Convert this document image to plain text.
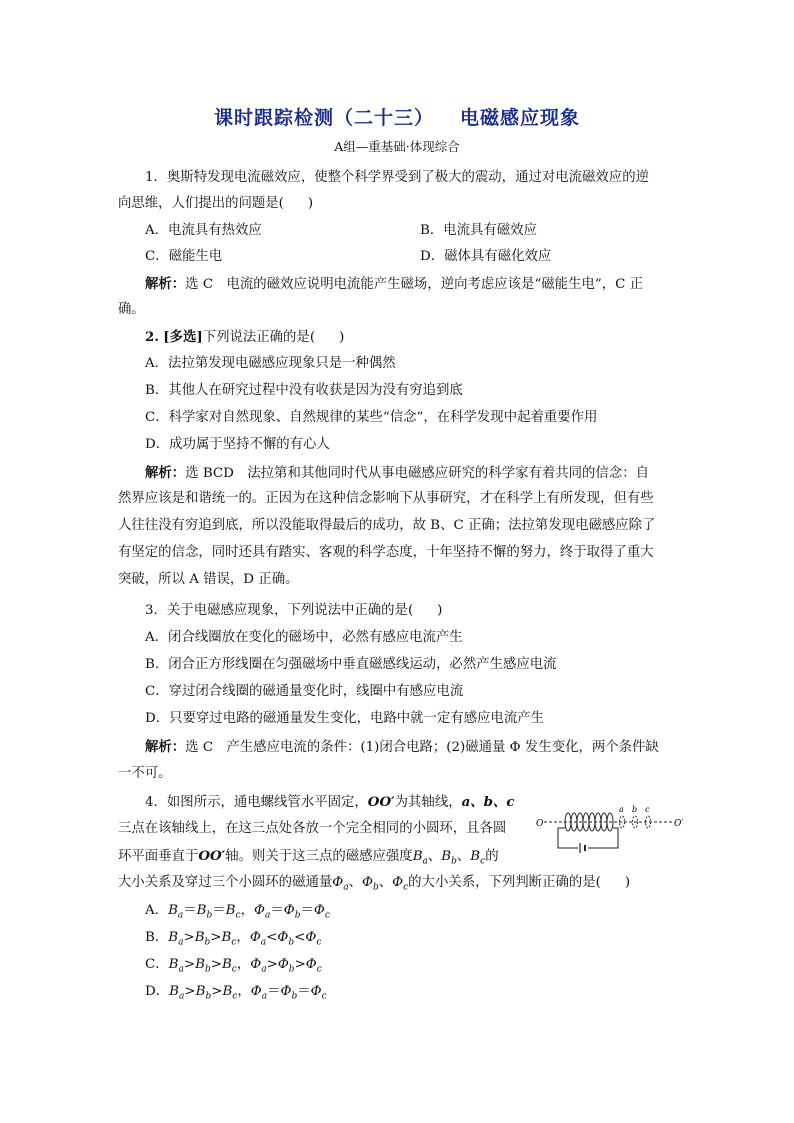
课时跟踪检测（二十三） 电磁感应现象
A组—重基础·体现综合
1．奥斯特发现电流磁效应，使整个科学界受到了极大的震动，通过对电流磁效应的逆
向思维，人们提出的问题是( )
A．电流具有热效应	B．电流具有磁效应
C．磁能生电	D．磁体具有磁化效应
解析：选 C　电流的磁效应说明电流能产生磁场，逆向考虑应该是“磁能生电”，C 正
确。
2. [多选]下列说法正确的是( )
A．法拉第发现电磁感应现象只是一种偶然
B．其他人在研究过程中没有收获是因为没有穷追到底
C．科学家对自然现象、自然规律的某些“信念”，在科学发现中起着重要作用
D．成功属于坚持不懈的有心人
解析：选 BCD　法拉第和其他同时代从事电磁感应研究的科学家有着共同的信念：自
然界应该是和谐统一的。正因为在这种信念影响下从事研究，才在科学上有所发现，但有些
人往往没有穷追到底，所以没能取得最后的成功，故 B、C 正确；法拉第发现电磁感应除了
有坚定的信念，同时还具有踏实、客观的科学态度，十年坚持不懈的努力，终于取得了重大
突破，所以 A 错误，D 正确。
3．关于电磁感应现象，下列说法中正确的是( )
A．闭合线圈放在变化的磁场中，必然有感应电流产生
B．闭合正方形线圈在匀强磁场中垂直磁感线运动，必然产生感应电流
C．穿过闭合线圈的磁通量变化时，线圈中有感应电流
D．只要穿过电路的磁通量发生变化，电路中就一定有感应电流产生
解析：选 C　产生感应电流的条件：(1)闭合电路；(2)磁通量 Φ 发生变化，两个条件缺
一不可。
4．如图所示，通电螺线管水平固定，OO′为其轴线，a、b、c
三点在该轴线上，在这三点处各放一个完全相同的小圆环，且各圆
环平面垂直于OO′轴。则关于这三点的磁感应强度$B_a$、$B_b$、$B_c$的
大小关系及穿过三个小圆环的磁通量$\Phi_a$、$\Phi_b$、$\Phi_c$的大小关系，下列判断正确的是( )
A．$B_a=B_b=B_c$，$\Phi_a=\Phi_b=\Phi_c$
B．$B_a>B_b>B_c$，$\Phi_a<\Phi_b<\Phi_c$
C．$B_a>B_b>B_c$，$\Phi_a>\Phi_b>\Phi_c$
D．$B_a>B_b>B_c$，$\Phi_a=\Phi_b=\Phi_c$
O	O′
a b c
